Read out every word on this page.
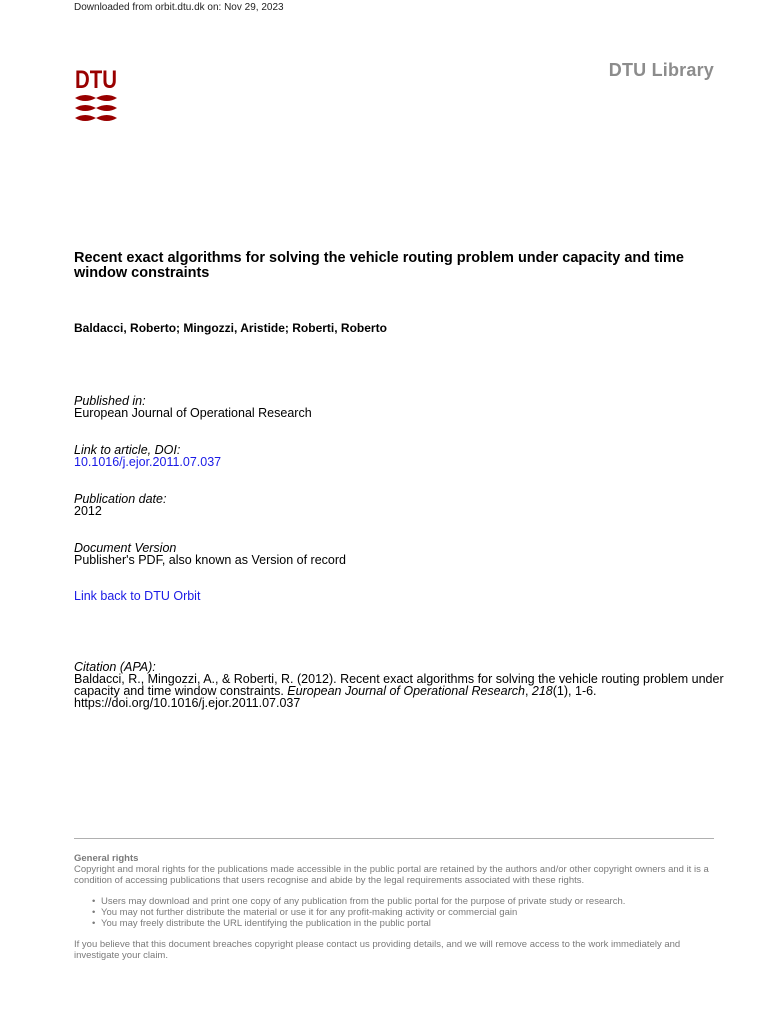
Downloaded from orbit.dtu.dk on: Nov 29, 2023
DTU	DTU Library
Recent exact algorithms for solving the vehicle routing problem under capacity and time window constraints
Baldacci, Roberto; Mingozzi, Aristide; Roberti, Roberto
Published in:
European Journal of Operational Research
Link to article, DOI:
10.1016/j.ejor.2011.07.037
Publication date:
2012
Document Version
Publisher's PDF, also known as Version of record
Link back to DTU Orbit
Citation (APA):
Baldacci, R., Mingozzi, A., & Roberti, R. (2012). Recent exact algorithms for solving the vehicle routing problem under capacity and time window constraints. European Journal of Operational Research, 218(1), 1-6.
https://doi.org/10.1016/j.ejor.2011.07.037
General rights
Copyright and moral rights for the publications made accessible in the public portal are retained by the authors and/or other copyright owners and it is a condition of accessing publications that users recognise and abide by the legal requirements associated with these rights.
• Users may download and print one copy of any publication from the public portal for the purpose of private study or research.
• You may not further distribute the material or use it for any profit-making activity or commercial gain
• You may freely distribute the URL identifying the publication in the public portal
If you believe that this document breaches copyright please contact us providing details, and we will remove access to the work immediately and investigate your claim.
